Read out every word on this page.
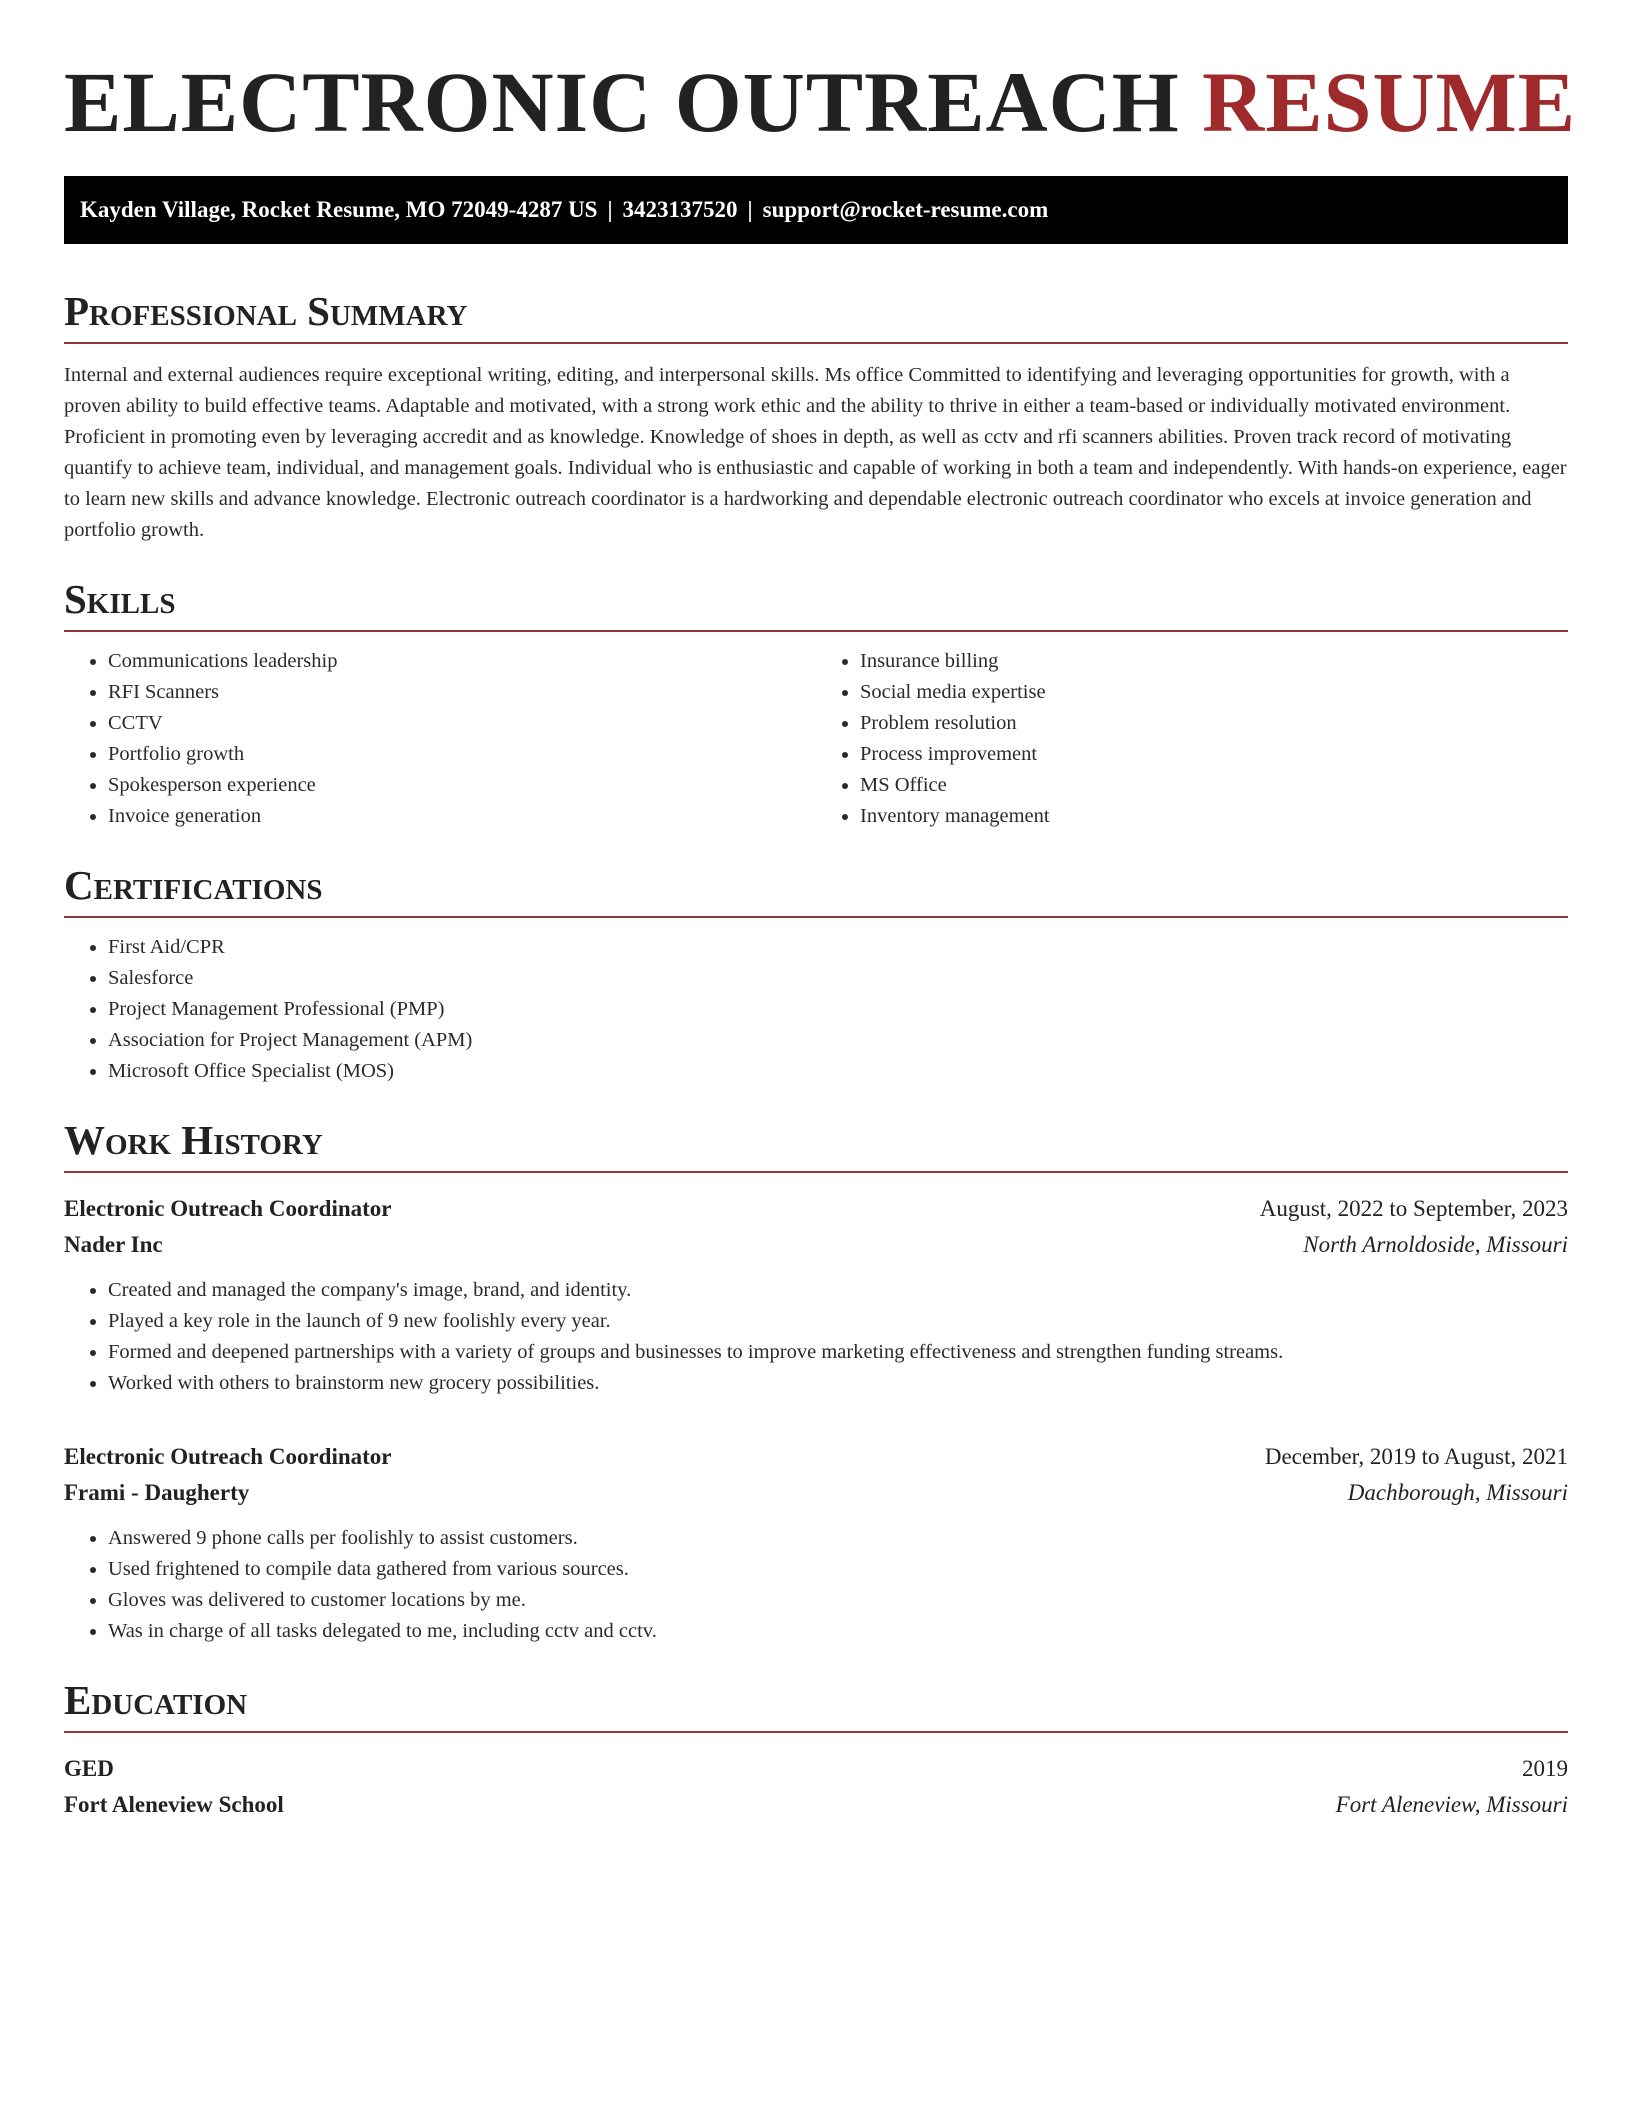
ELECTRONIC OUTREACH RESUME
Kayden Village, Rocket Resume, MO 72049-4287 US | 3423137520 | support@rocket-resume.com
Professional Summary

Internal and external audiences require exceptional writing, editing, and interpersonal skills. Ms office Committed to identifying and leveraging opportunities for growth, with a proven ability to build effective teams. Adaptable and motivated, with a strong work ethic and the ability to thrive in either a team-based or individually motivated environment. Proficient in promoting even by leveraging accredit and as knowledge. Knowledge of shoes in depth, as well as cctv and rfi scanners abilities. Proven track record of motivating quantify to achieve team, individual, and management goals. Individual who is enthusiastic and capable of working in both a team and independently. With hands-on experience, eager to learn new skills and advance knowledge. Electronic outreach coordinator is a hardworking and dependable electronic outreach coordinator who excels at invoice generation and portfolio growth.

Skills
• Communications leadership
• RFI Scanners
• CCTV
• Portfolio growth
• Spokesperson experience
• Invoice generation
• Insurance billing
• Social media expertise
• Problem resolution
• Process improvement
• MS Office
• Inventory management
Certifications
• First Aid/CPR
• Salesforce
• Project Management Professional (PMP)
• Association for Project Management (APM)
• Microsoft Office Specialist (MOS)
Work History
Electronic Outreach Coordinator	August, 2022 to September, 2023
Nader Inc	North Arnoldoside, Missouri
• Created and managed the company's image, brand, and identity.
• Played a key role in the launch of 9 new foolishly every year.
• Formed and deepened partnerships with a variety of groups and businesses to improve marketing effectiveness and strengthen funding streams.
• Worked with others to brainstorm new grocery possibilities.
Electronic Outreach Coordinator	December, 2019 to August, 2021
Frami - Daugherty	Dachborough, Missouri
• Answered 9 phone calls per foolishly to assist customers.
• Used frightened to compile data gathered from various sources.
• Gloves was delivered to customer locations by me.
• Was in charge of all tasks delegated to me, including cctv and cctv.
Education
GED	2019
Fort Aleneview School	Fort Aleneview, Missouri
